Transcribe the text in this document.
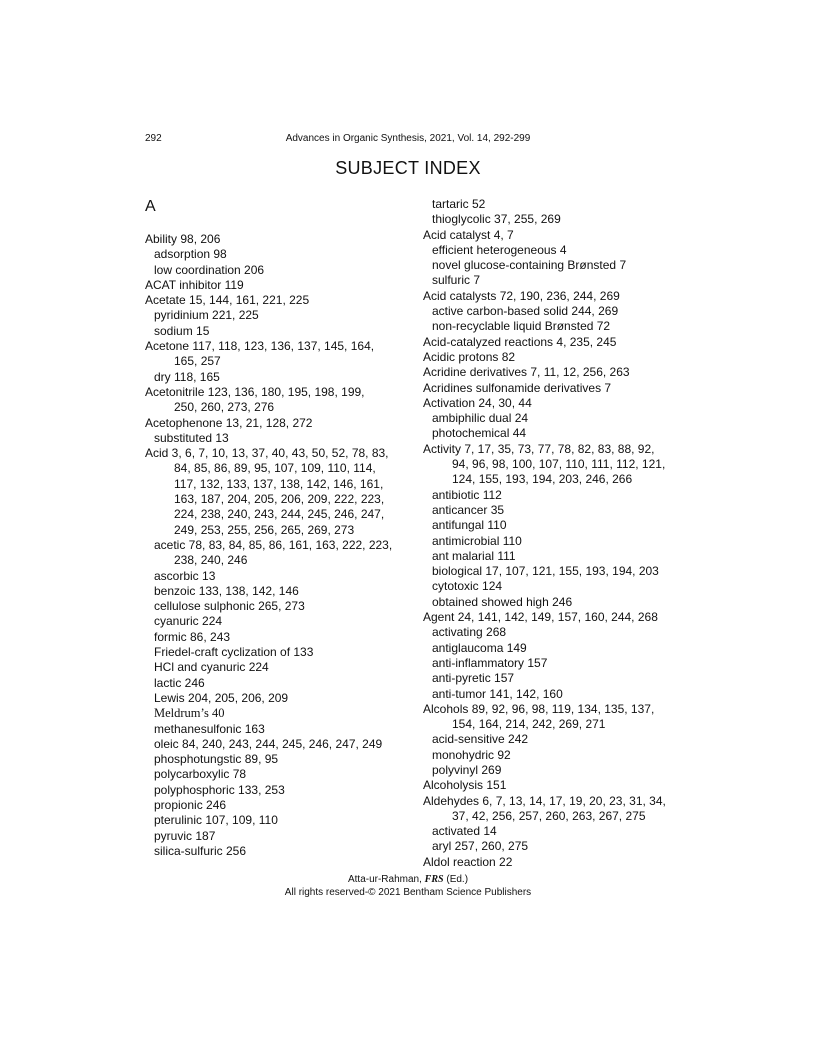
292	Advances in Organic Synthesis, 2021, Vol. 14, 292-299
SUBJECT INDEX
A
Ability 98, 206
adsorption 98
low coordination 206
ACAT inhibitor 119
Acetate 15, 144, 161, 221, 225
pyridinium 221, 225
sodium 15
Acetone 117, 118, 123, 136, 137, 145, 164,
165, 257
dry 118, 165
Acetonitrile 123, 136, 180, 195, 198, 199,
250, 260, 273, 276
Acetophenone 13, 21, 128, 272
substituted 13
Acid 3, 6, 7, 10, 13, 37, 40, 43, 50, 52, 78, 83,
84, 85, 86, 89, 95, 107, 109, 110, 114,
117, 132, 133, 137, 138, 142, 146, 161,
163, 187, 204, 205, 206, 209, 222, 223,
224, 238, 240, 243, 244, 245, 246, 247,
249, 253, 255, 256, 265, 269, 273
acetic 78, 83, 84, 85, 86, 161, 163, 222, 223,
238, 240, 246
ascorbic 13
benzoic 133, 138, 142, 146
cellulose sulphonic 265, 273
cyanuric 224
formic 86, 243
Friedel-craft cyclization of 133
HCl and cyanuric 224
lactic 246
Lewis 204, 205, 206, 209
Meldrum’s 40
methanesulfonic 163
oleic 84, 240, 243, 244, 245, 246, 247, 249
phosphotungstic 89, 95
polycarboxylic 78
polyphosphoric 133, 253
propionic 246
pterulinic 107, 109, 110
pyruvic 187
silica-sulfuric 256
tartaric 52
thioglycolic 37, 255, 269
Acid catalyst 4, 7
efficient heterogeneous 4
novel glucose-containing Brønsted 7
sulfuric 7
Acid catalysts 72, 190, 236, 244, 269
active carbon-based solid 244, 269
non-recyclable liquid Brønsted 72
Acid-catalyzed reactions 4, 235, 245
Acidic protons 82
Acridine derivatives 7, 11, 12, 256, 263
Acridines sulfonamide derivatives 7
Activation 24, 30, 44
ambiphilic dual 24
photochemical 44
Activity 7, 17, 35, 73, 77, 78, 82, 83, 88, 92,
94, 96, 98, 100, 107, 110, 111, 112, 121,
124, 155, 193, 194, 203, 246, 266
antibiotic 112
anticancer 35
antifungal 110
antimicrobial 110
ant malarial 111
biological 17, 107, 121, 155, 193, 194, 203
cytotoxic 124
obtained showed high 246
Agent 24, 141, 142, 149, 157, 160, 244, 268
activating 268
antiglaucoma 149
anti-inflammatory 157
anti-pyretic 157
anti-tumor 141, 142, 160
Alcohols 89, 92, 96, 98, 119, 134, 135, 137,
154, 164, 214, 242, 269, 271
acid-sensitive 242
monohydric 92
polyvinyl 269
Alcoholysis 151
Aldehydes 6, 7, 13, 14, 17, 19, 20, 23, 31, 34,
37, 42, 256, 257, 260, 263, 267, 275
activated 14
aryl 257, 260, 275
Aldol reaction 22
Atta-ur-Rahman, FRS (Ed.)
All rights reserved-© 2021 Bentham Science Publishers
